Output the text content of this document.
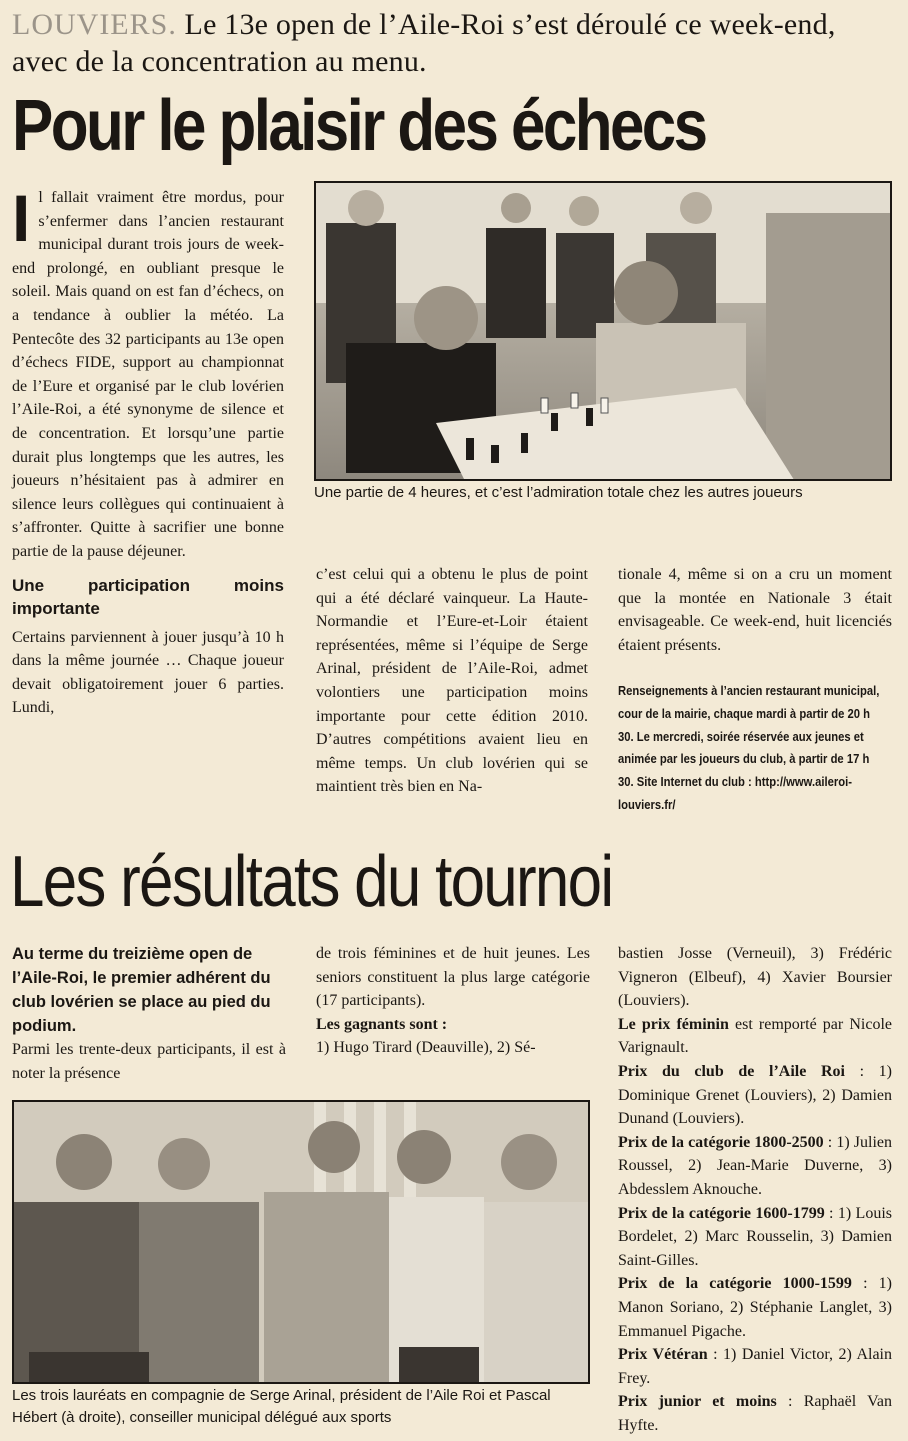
LOUVIERS. Le 13e open de l’Aile-Roi s’est déroulé ce week-end, avec de la concentration au menu.
Pour le plaisir des échecs

I l fallait vraiment être mordus, pour s’enfermer dans l’ancien restaurant municipal durant trois jours de week-end prolongé, en oubliant presque le soleil. Mais quand on est fan d’échecs, on a tendance à oublier la météo. La Pentecôte des 32 participants au 13e open d’échecs FIDE, support au championnat de l’Eure et organisé par le club lovérien l’Aile-Roi, a été synonyme de silence et de concentration. Et lorsqu’une partie durait plus longtemps que les autres, les joueurs n’hésitaient pas à admirer en silence leurs collègues qui continuaient à s’affronter. Quitte à sacrifier une bonne partie de la pause déjeuner.

Une participation moins importante

Certains parviennent à jouer jusqu’à 10 h dans la même journée … Chaque joueur devait obligatoirement jouer 6 parties. Lundi,

Une partie de 4 heures, et c’est l’admiration totale chez les autres joueurs

c’est celui qui a obtenu le plus de point qui a été déclaré vainqueur. La Haute-Normandie et l’Eure-et-Loir étaient représentées, même si l’équipe de Serge Arinal, président de l’Aile-Roi, admet volontiers une participation moins importante pour cette édition 2010. D’autres compétitions avaient lieu en même temps. Un club lovérien qui se maintient très bien en Na-

tionale 4, même si on a cru un moment que la montée en Nationale 3 était envisageable. Ce week-end, huit licenciés étaient présents.

Renseignements à l’ancien restaurant municipal, cour de la mairie, chaque mardi à partir de 20 h 30. Le mercredi, soirée réservée aux jeunes et animée par les joueurs du club, à partir de 17 h 30. Site Internet du club : http://www.aileroi-louviers.fr/
Les résultats du tournoi
Au terme du treizième open de l’Aile-Roi, le premier adhérent du club lovérien se place au pied du podium.
Parmi les trente-deux participants, il est à noter la présence

de trois féminines et de huit jeunes. Les seniors constituent la plus large catégorie (17 participants).

Les gagnants sont :

1) Hugo Tirard (Deauville), 2) Sé-

bastien Josse (Verneuil), 3) Frédéric Vigneron (Elbeuf), 4) Xavier Boursier (Louviers).

Le prix féminin est remporté par Nicole Varignault.

Prix du club de l’Aile Roi : 1) Dominique Grenet (Louviers), 2) Damien Dunand (Louviers).

Prix de la catégorie 1800-2500 : 1) Julien Roussel, 2) Jean-Marie Duverne, 3) Abdesslem Aknouche.

Prix de la catégorie 1600-1799 : 1) Louis Bordelet, 2) Marc Rousselin, 3) Damien Saint-Gilles.

Prix de la catégorie 1000-1599 : 1) Manon Soriano, 2) Stéphanie Langlet, 3) Emmanuel Pigache.

Prix Vétéran : 1) Daniel Victor, 2) Alain Frey.

Prix junior et moins : Raphaël Van Hyfte.

Les trois lauréats en compagnie de Serge Arinal, président de l’Aile Roi et Pascal Hébert (à droite), conseiller municipal délégué aux sports
